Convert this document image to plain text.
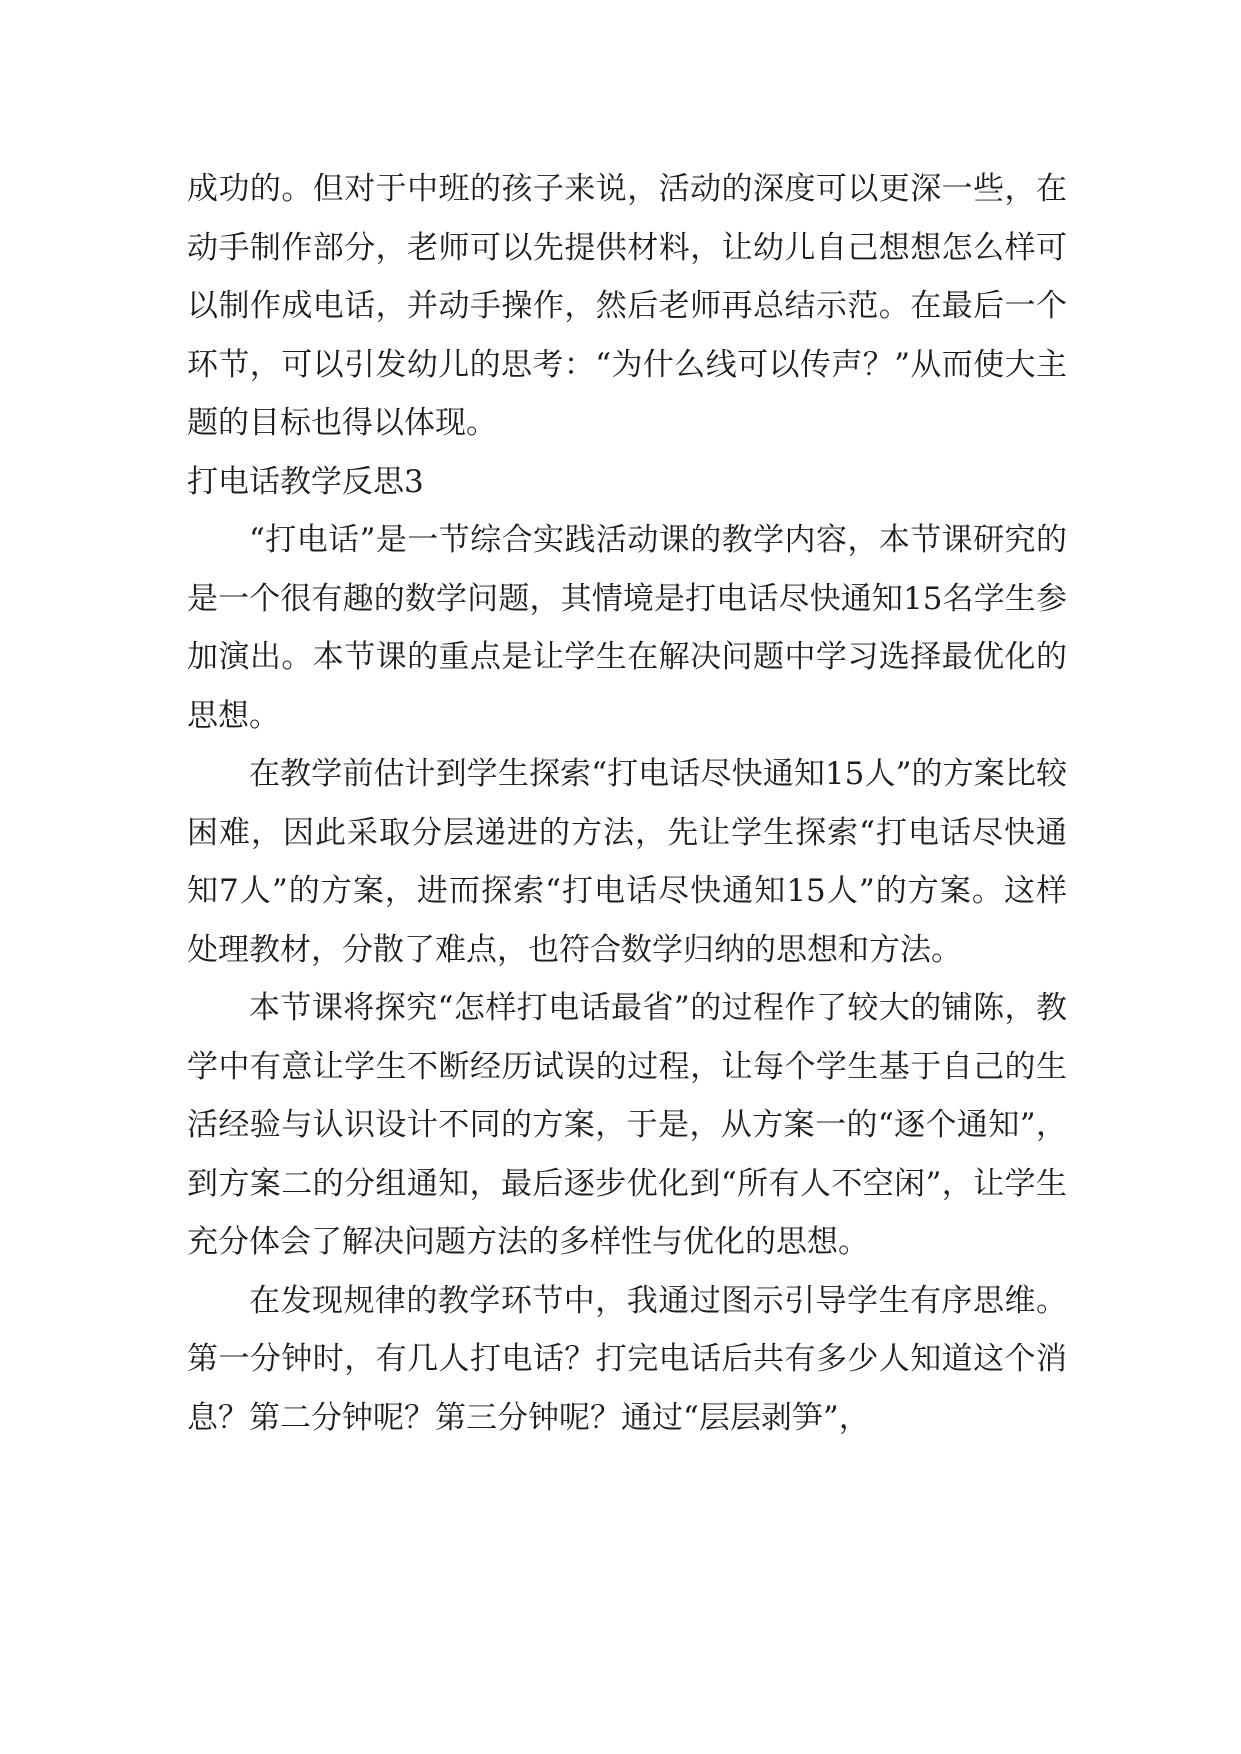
成功的。但对于中班的孩子来说，活动的深度可以更深一些，在动手制作部分，老师可以先提供材料，让幼儿自己想想怎么样可以制作成电话，并动手操作，然后老师再总结示范。在最后一个环节，可以引发幼儿的思考：“为什么线可以传声？”从而使大主题的目标也得以体现。

打电话教学反思3

“打电话”是一节综合实践活动课的教学内容，本节课研究的是一个很有趣的数学问题，其情境是打电话尽快通知15名学生参加演出。本节课的重点是让学生在解决问题中学习选择最优化的思想。

在教学前估计到学生探索“打电话尽快通知15人”的方案比较困难，因此采取分层递进的方法，先让学生探索“打电话尽快通知7人”的方案，进而探索“打电话尽快通知15人”的方案。这样处理教材，分散了难点，也符合数学归纳的思想和方法。

本节课将探究“怎样打电话最省”的过程作了较大的铺陈，教学中有意让学生不断经历试误的过程，让每个学生基于自己的生活经验与认识设计不同的方案，于是，从方案一的“逐个通知”，到方案二的分组通知，最后逐步优化到“所有人不空闲”，让学生充分体会了解决问题方法的多样性与优化的思想。

在发现规律的教学环节中，我通过图示引导学生有序思维。第一分钟时，有几人打电话？打完电话后共有多少人知道这个消息？第二分钟呢？第三分钟呢？通过“层层剥笋”，
